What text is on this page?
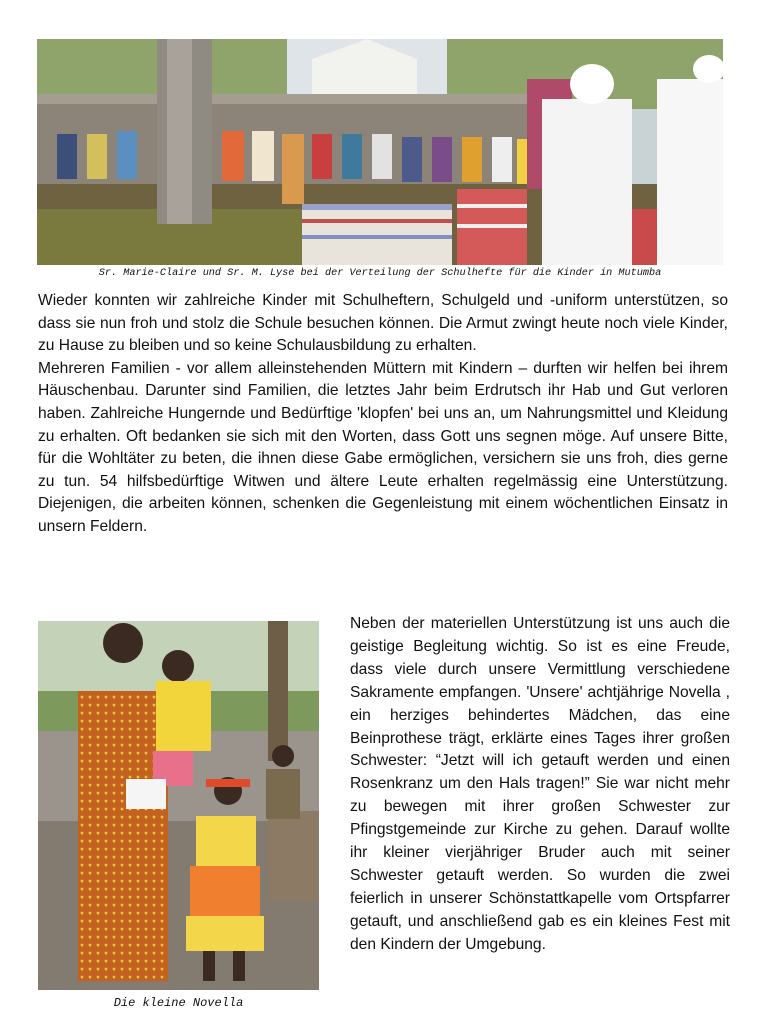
Sr. Marie-Claire und Sr. M. Lyse bei der Verteilung der Schulhefte für die Kinder in Mutumba

Wieder konnten wir zahlreiche Kinder mit Schulheftern, Schulgeld und -uniform unterstützen, so dass sie nun froh und stolz die Schule besuchen können. Die Armut zwingt heute noch viele Kinder, zu Hause zu bleiben und so keine Schulausbildung zu erhalten.

Mehreren Familien - vor allem alleinstehenden Müttern mit Kindern – durften wir helfen bei ihrem Häuschenbau. Darunter sind Familien, die letztes Jahr beim Erdrutsch ihr Hab und Gut verloren haben. Zahlreiche Hungernde und Bedürftige 'klopfen' bei uns an, um Nahrungsmittel und Kleidung zu erhalten. Oft bedanken sie sich mit den Worten, dass Gott uns segnen möge. Auf unsere Bitte, für die Wohltäter zu beten, die ihnen diese Gabe ermöglichen, versichern sie uns froh, dies gerne zu tun. 54 hilfsbedürftige Witwen und ältere Leute erhalten regelmässig eine Unterstützung. Diejenigen, die arbeiten können, schenken die Gegenleistung mit einem wöchentlichen Einsatz in unsern Feldern.

Die kleine Novella

Neben der materiellen Unterstützung ist uns auch die geistige Begleitung wichtig. So ist es eine Freude, dass viele durch unsere Vermittlung verschiedene Sakramente empfangen. 'Unsere' achtjährige Novella , ein herziges behindertes Mädchen, das eine Beinprothese trägt, erklärte eines Tages ihrer großen Schwester: “Jetzt will ich getauft werden und einen Rosenkranz um den Hals tragen!” Sie war nicht mehr zu bewegen mit ihrer großen Schwester zur Pfingstgemeinde zur Kirche zu gehen. Darauf wollte ihr kleiner vierjähriger Bruder auch mit seiner Schwester getauft werden. So wurden die zwei feierlich in unserer Schönstattkapelle vom Ortspfarrer getauft, und anschließend gab es ein kleines Fest mit den Kindern der Umgebung.
